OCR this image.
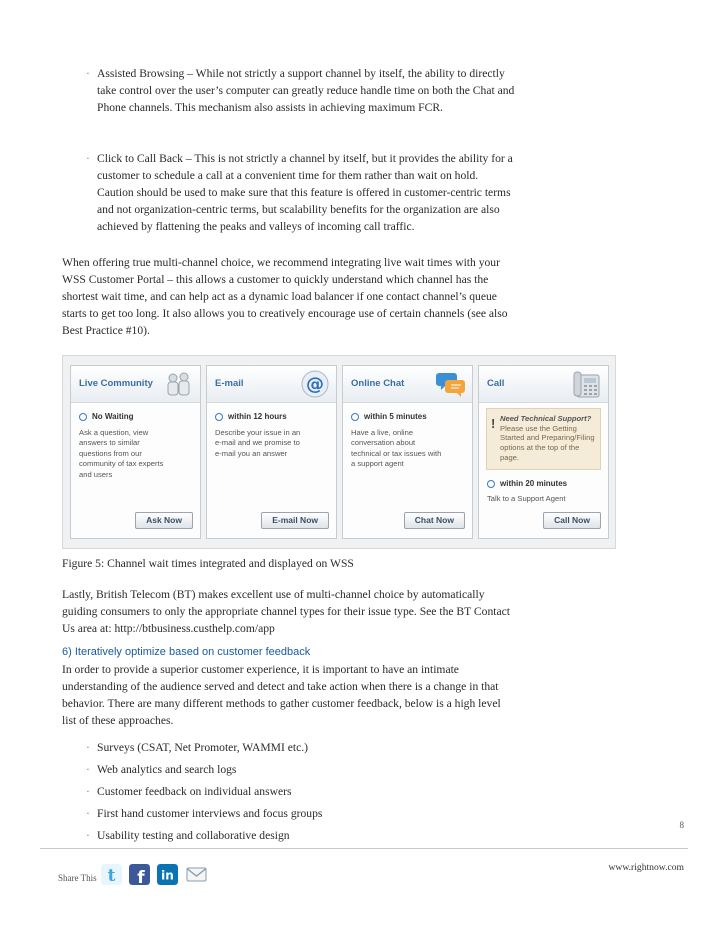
· Assisted Browsing – While not strictly a support channel by itself, the ability to directly take control over the user’s computer can greatly reduce handle time on both the Chat and Phone channels. This mechanism also assists in achieving maximum FCR.
· Click to Call Back – This is not strictly a channel by itself, but it provides the ability for a customer to schedule a call at a convenient time for them rather than wait on hold. Caution should be used to make sure that this feature is offered in customer-centric terms and not organization-centric terms, but scalability benefits for the organization are also achieved by flattening the peaks and valleys of incoming call traffic.
When offering true multi-channel choice, we recommend integrating live wait times with your WSS Customer Portal – this allows a customer to quickly understand which channel has the shortest wait time, and can help act as a dynamic load balancer if one contact channel’s queue starts to get too long. It also allows you to creatively encourage use of certain channels (see also Best Practice #10).
Live Community
No Waiting
Ask a question, view answers to similar questions from our community of tax experts and users
Ask Now
E-mail	@
within 12 hours
Describe your issue in an e-mail and we promise to e-mail you an answer
E-mail Now
Online Chat
within 5 minutes
Have a live, online conversation about technical or tax issues with a support agent
Chat Now
Call
! Need Technical Support? Please use the Getting Started and Preparing/Filing options at the top of the page.
within 20 minutes
Talk to a Support Agent
Call Now
Figure 5: Channel wait times integrated and displayed on WSS
Lastly, British Telecom (BT) makes excellent use of multi-channel choice by automatically guiding consumers to only the appropriate channel types for their issue type. See the BT Contact Us area at: http://btbusiness.custhelp.com/app
6) Iteratively optimize based on customer feedback
In order to provide a superior customer experience, it is important to have an intimate understanding of the audience served and detect and take action when there is a change in that behavior. There are many different methods to gather customer feedback, below is a high level list of these approaches.
· Surveys (CSAT, Net Promoter, WAMMI etc.)
· Web analytics and search logs
· Customer feedback on individual answers
· First hand customer interviews and focus groups
· Usability testing and collaborative design
8
www.rightnow.com
Share This t f in
